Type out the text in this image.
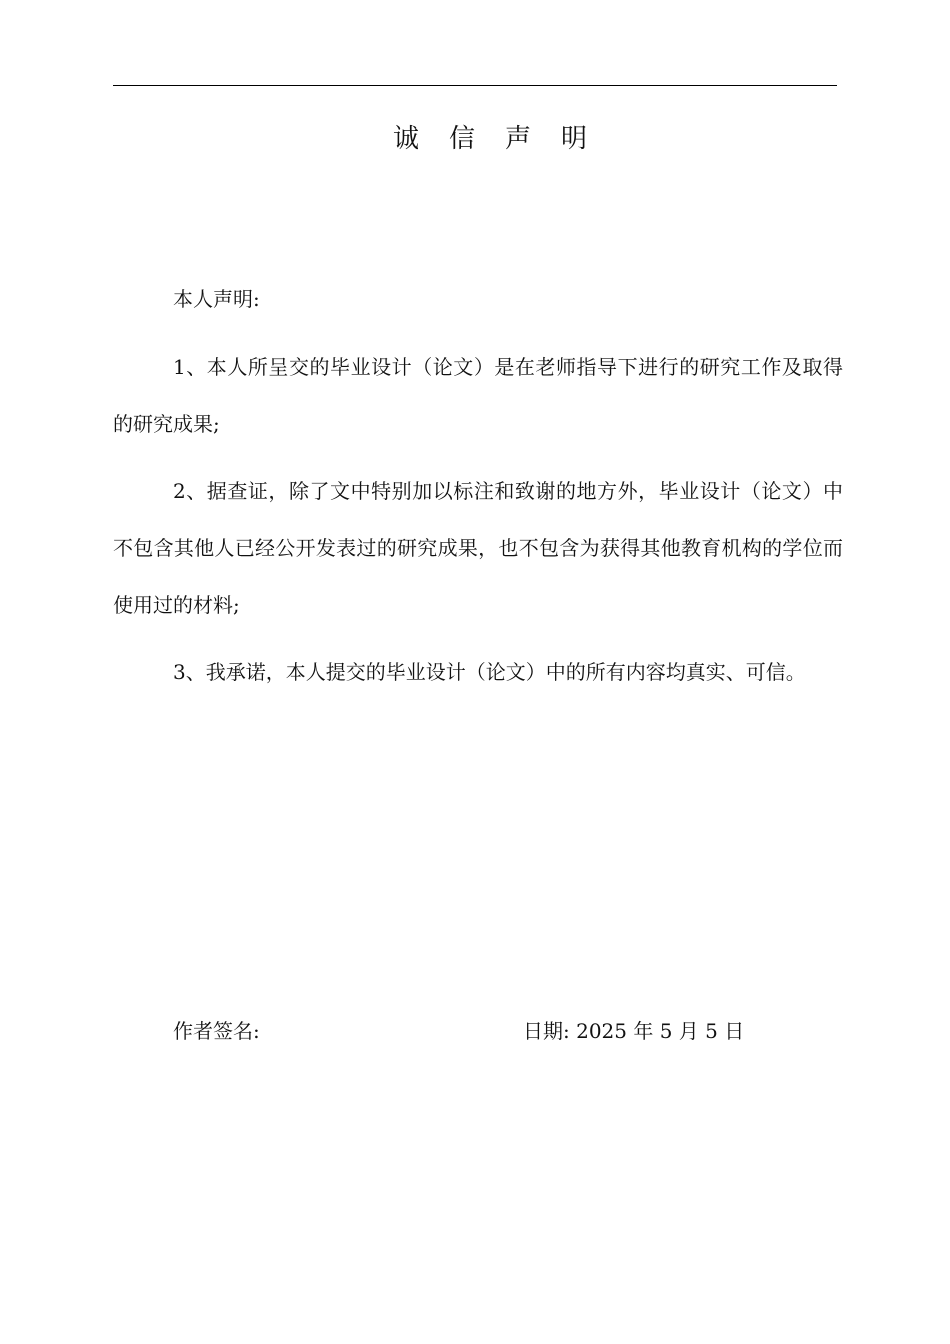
诚信声明

本人声明:

1、本人所呈交的毕业设计（论文）是在老师指导下进行的研究工作及取得的研究成果;

2、据查证，除了文中特别加以标注和致谢的地方外，毕业设计（论文）中不包含其他人已经公开发表过的研究成果，也不包含为获得其他教育机构的学位而使用过的材料;

3、我承诺，本人提交的毕业设计（论文）中的所有内容均真实、可信。

作者签名:	日期: 2025 年 5 月 5 日
